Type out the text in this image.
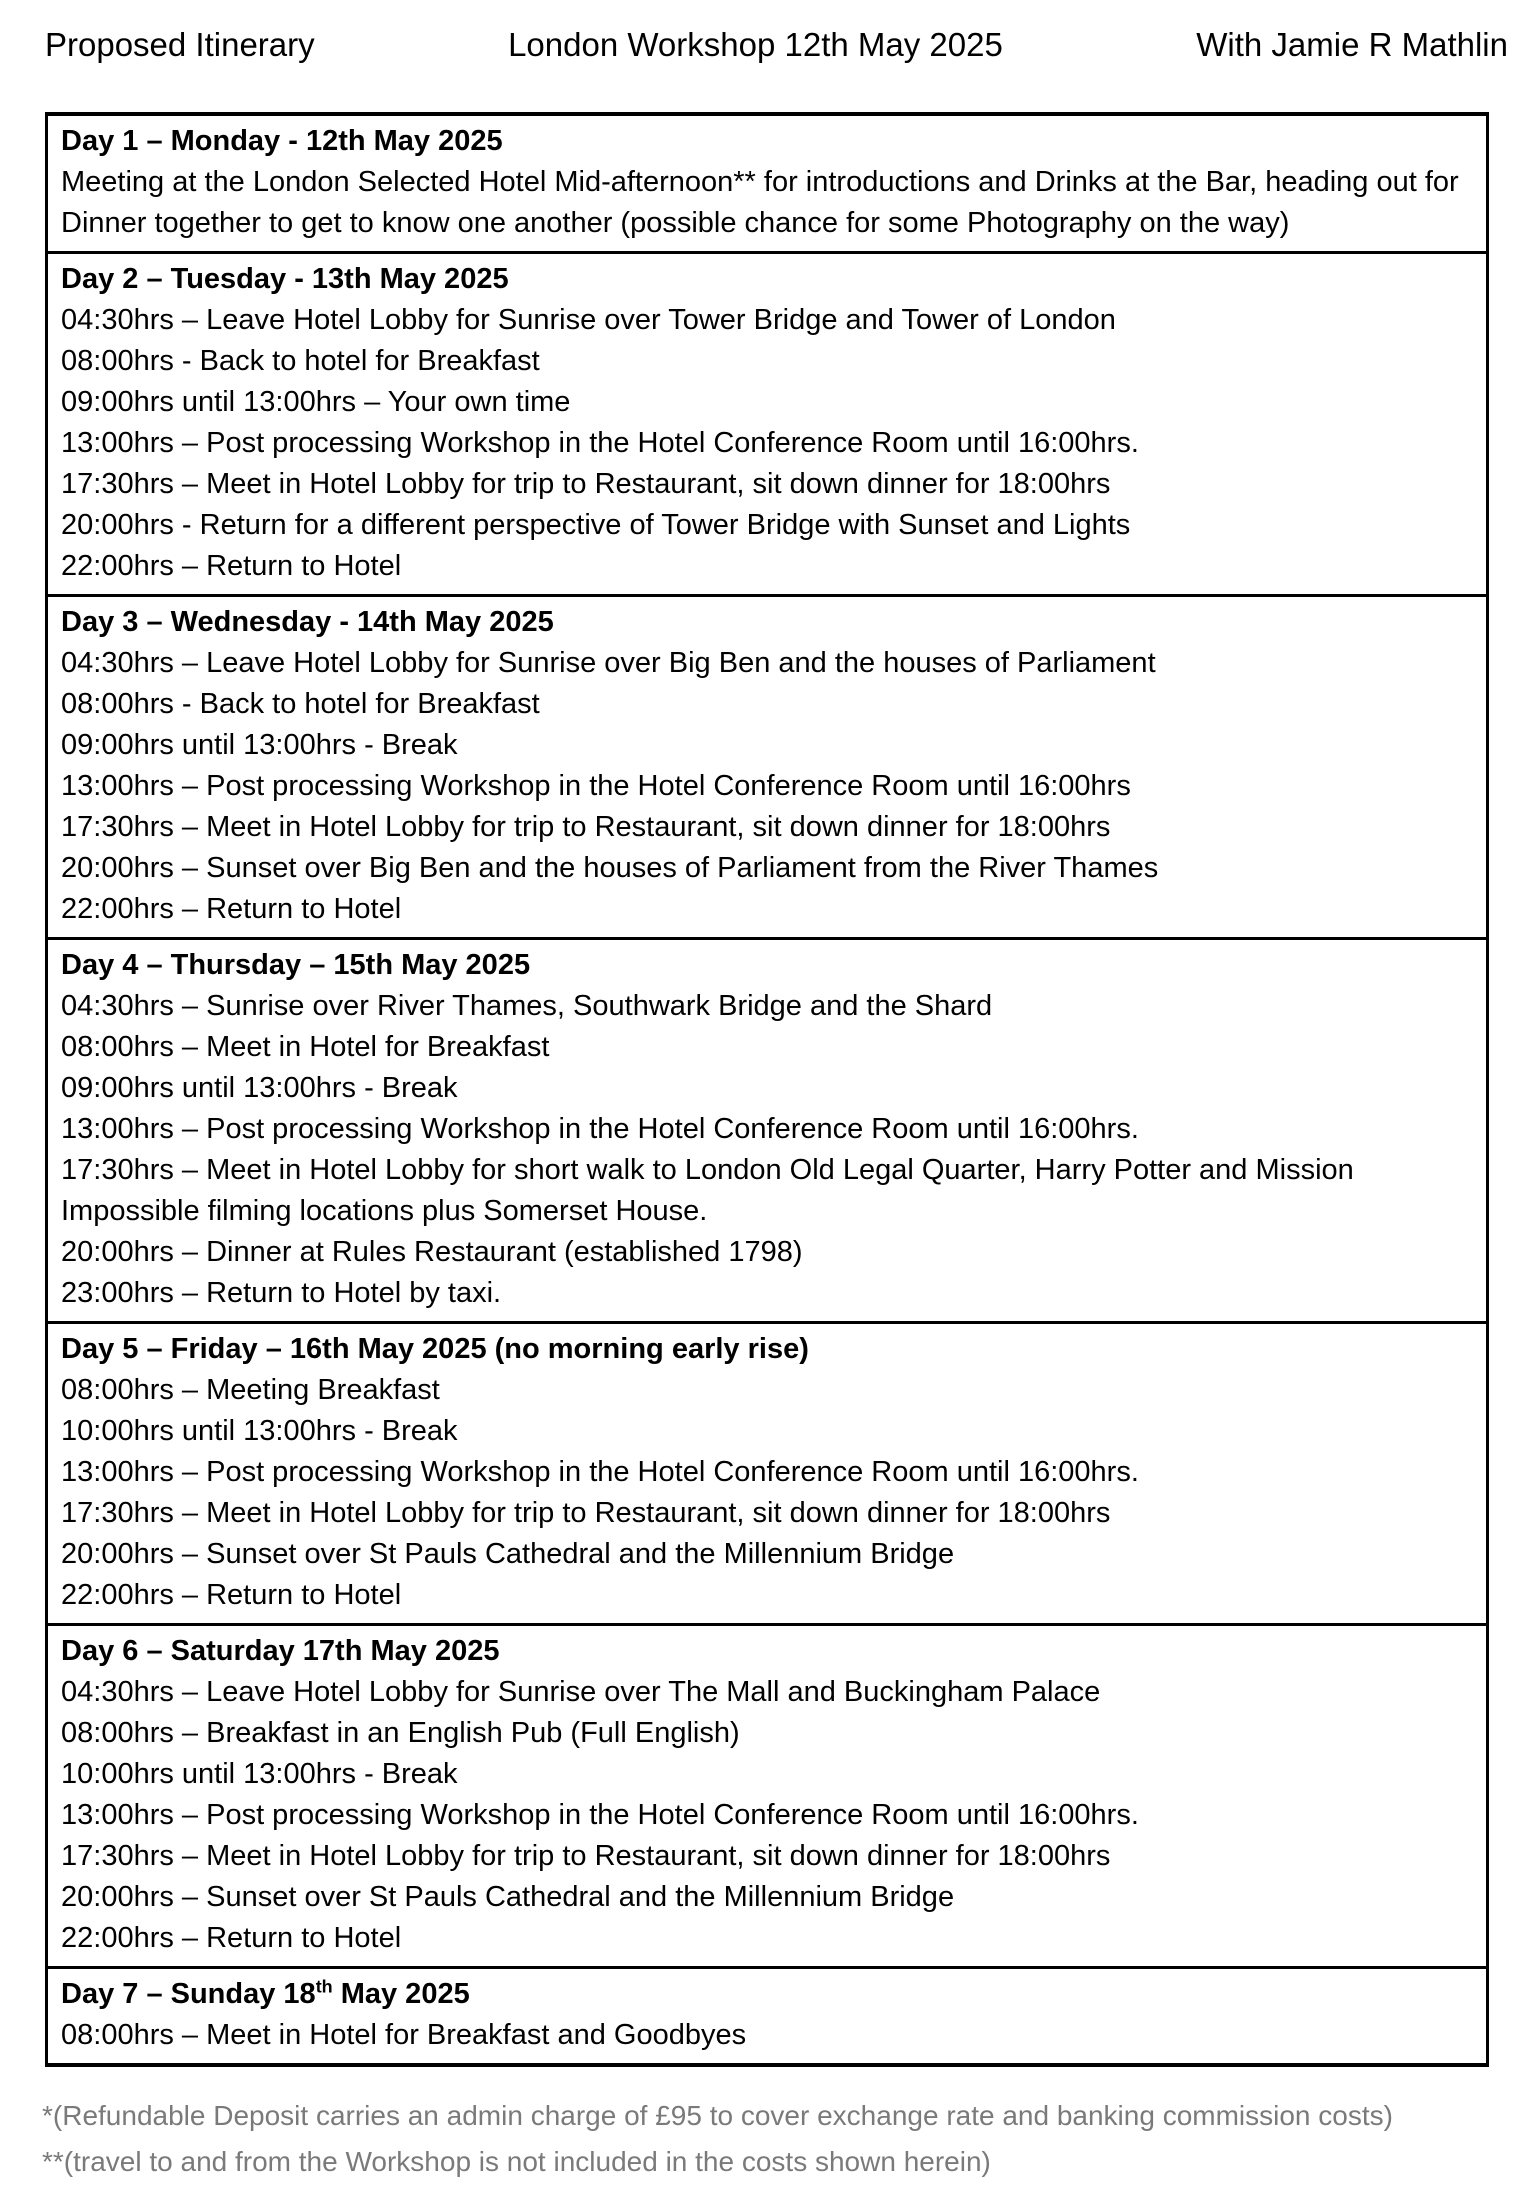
Proposed Itinerary	London Workshop 12th May 2025	With Jamie R Mathlin
Day 1 – Monday - 12th May 2025
Meeting at the London Selected Hotel Mid-afternoon** for introductions and Drinks at the Bar, heading out for Dinner together to get to know one another (possible chance for some Photography on the way)
Day 2 – Tuesday - 13th May 2025
04:30hrs – Leave Hotel Lobby for Sunrise over Tower Bridge and Tower of London
08:00hrs - Back to hotel for Breakfast
09:00hrs until 13:00hrs – Your own time
13:00hrs – Post processing Workshop in the Hotel Conference Room until 16:00hrs.
17:30hrs – Meet in Hotel Lobby for trip to Restaurant, sit down dinner for 18:00hrs
20:00hrs - Return for a different perspective of Tower Bridge with Sunset and Lights
22:00hrs – Return to Hotel
Day 3 – Wednesday - 14th May 2025
04:30hrs – Leave Hotel Lobby for Sunrise over Big Ben and the houses of Parliament
08:00hrs - Back to hotel for Breakfast
09:00hrs until 13:00hrs - Break
13:00hrs – Post processing Workshop in the Hotel Conference Room until 16:00hrs
17:30hrs – Meet in Hotel Lobby for trip to Restaurant, sit down dinner for 18:00hrs
20:00hrs – Sunset over Big Ben and the houses of Parliament from the River Thames
22:00hrs – Return to Hotel
Day 4 – Thursday – 15th May 2025
04:30hrs – Sunrise over River Thames, Southwark Bridge and the Shard
08:00hrs – Meet in Hotel for Breakfast
09:00hrs until 13:00hrs - Break
13:00hrs – Post processing Workshop in the Hotel Conference Room until 16:00hrs.
17:30hrs – Meet in Hotel Lobby for short walk to London Old Legal Quarter, Harry Potter and Mission Impossible filming locations plus Somerset House.
20:00hrs – Dinner at Rules Restaurant (established 1798)
23:00hrs – Return to Hotel by taxi.
Day 5 – Friday – 16th May 2025 (no morning early rise)
08:00hrs – Meeting Breakfast
10:00hrs until 13:00hrs - Break
13:00hrs – Post processing Workshop in the Hotel Conference Room until 16:00hrs.
17:30hrs – Meet in Hotel Lobby for trip to Restaurant, sit down dinner for 18:00hrs
20:00hrs – Sunset over St Pauls Cathedral and the Millennium Bridge
22:00hrs – Return to Hotel
Day 6 – Saturday 17th May 2025
04:30hrs – Leave Hotel Lobby for Sunrise over The Mall and Buckingham Palace
08:00hrs – Breakfast in an English Pub (Full English)
10:00hrs until 13:00hrs - Break
13:00hrs – Post processing Workshop in the Hotel Conference Room until 16:00hrs.
17:30hrs – Meet in Hotel Lobby for trip to Restaurant, sit down dinner for 18:00hrs
20:00hrs – Sunset over St Pauls Cathedral and the Millennium Bridge
22:00hrs – Return to Hotel
Day 7 – Sunday 18th May 2025
08:00hrs – Meet in Hotel for Breakfast and Goodbyes
*(Refundable Deposit carries an admin charge of £95 to cover exchange rate and banking commission costs)
**(travel to and from the Workshop is not included in the costs shown herein)
